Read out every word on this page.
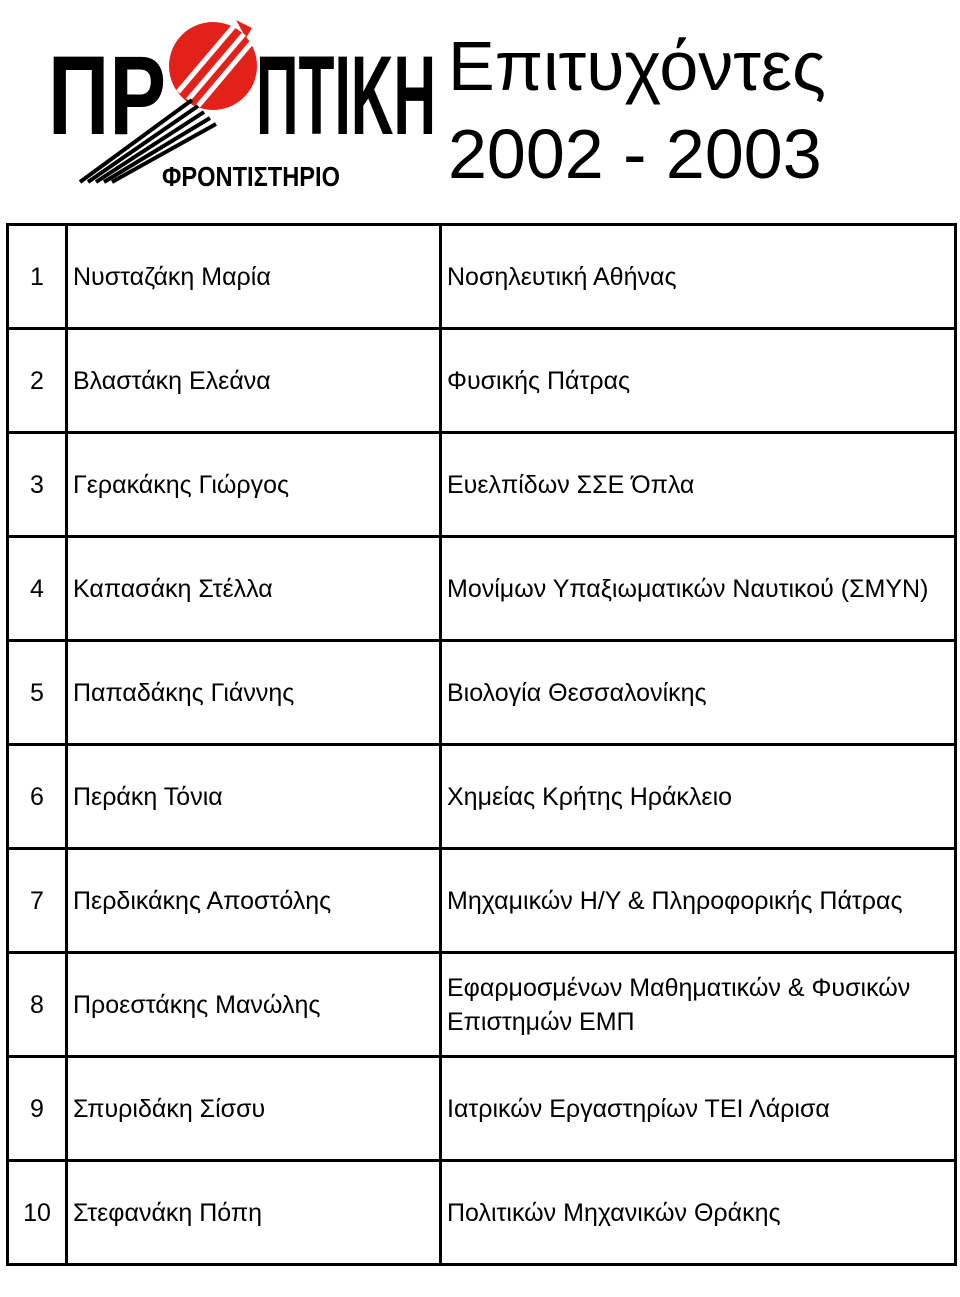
ΠΡ ΠΤΙΚΗ
ΦΡΟΝΤΙΣΤΗΡΙΟ
Επιτυχόντες
2002 - 2003
1	Νυσταζάκη Μαρία	Νοσηλευτική Αθήνας
2	Βλαστάκη Ελεάνα	Φυσικής Πάτρας
3	Γερακάκης Γιώργος	Ευελπίδων ΣΣΕ Όπλα
4	Καπασάκη Στέλλα	Μονίμων Υπαξιωματικών Ναυτικού (ΣΜΥΝ)
5	Παπαδάκης Γιάννης	Βιολογία Θεσσαλονίκης
6	Περάκη Τόνια	Χημείας Κρήτης Ηράκλειο
7	Περδικάκης Αποστόλης	Μηχαμικών Η/Υ & Πληροφορικής Πάτρας
8	Προεστάκης Μανώλης	Εφαρμοσμένων Μαθηματικών & Φυσικών Επιστημών ΕΜΠ
9	Σπυριδάκη Σίσσυ	Ιατρικών Εργαστηρίων ΤΕΙ Λάρισα
10	Στεφανάκη Πόπη	Πολιτικών Μηχανικών Θράκης
